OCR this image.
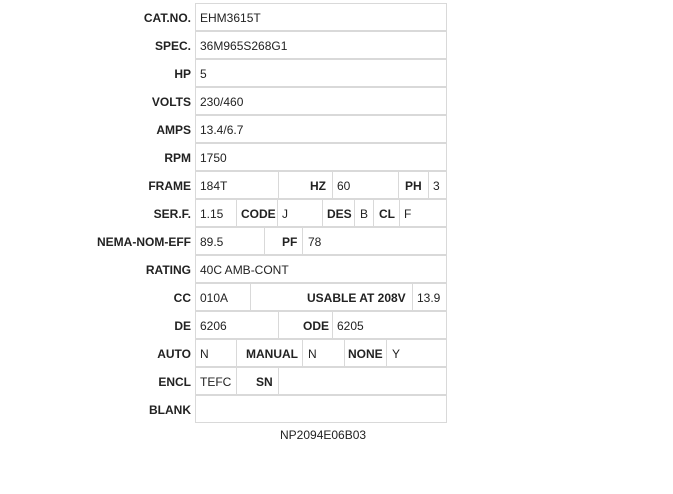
CAT.NO. EHM3615T
SPEC. 36M965S268G1
HP 5
VOLTS 230/460
AMPS 13.4/6.7
RPM 1750
FRAME 184T	HZ 60	PH 3
SER.F. 1.15 CODE J	DES B CL F
NEMA-NOM-EFF 89.5	PF 78
RATING 40C AMB-CONT
CC 010A	USABLE AT 208V 13.9
DE 6206	ODE 6205
AUTO N	MANUAL N	NONE Y
ENCL TEFC SN
BLANK
NP2094E06B03
